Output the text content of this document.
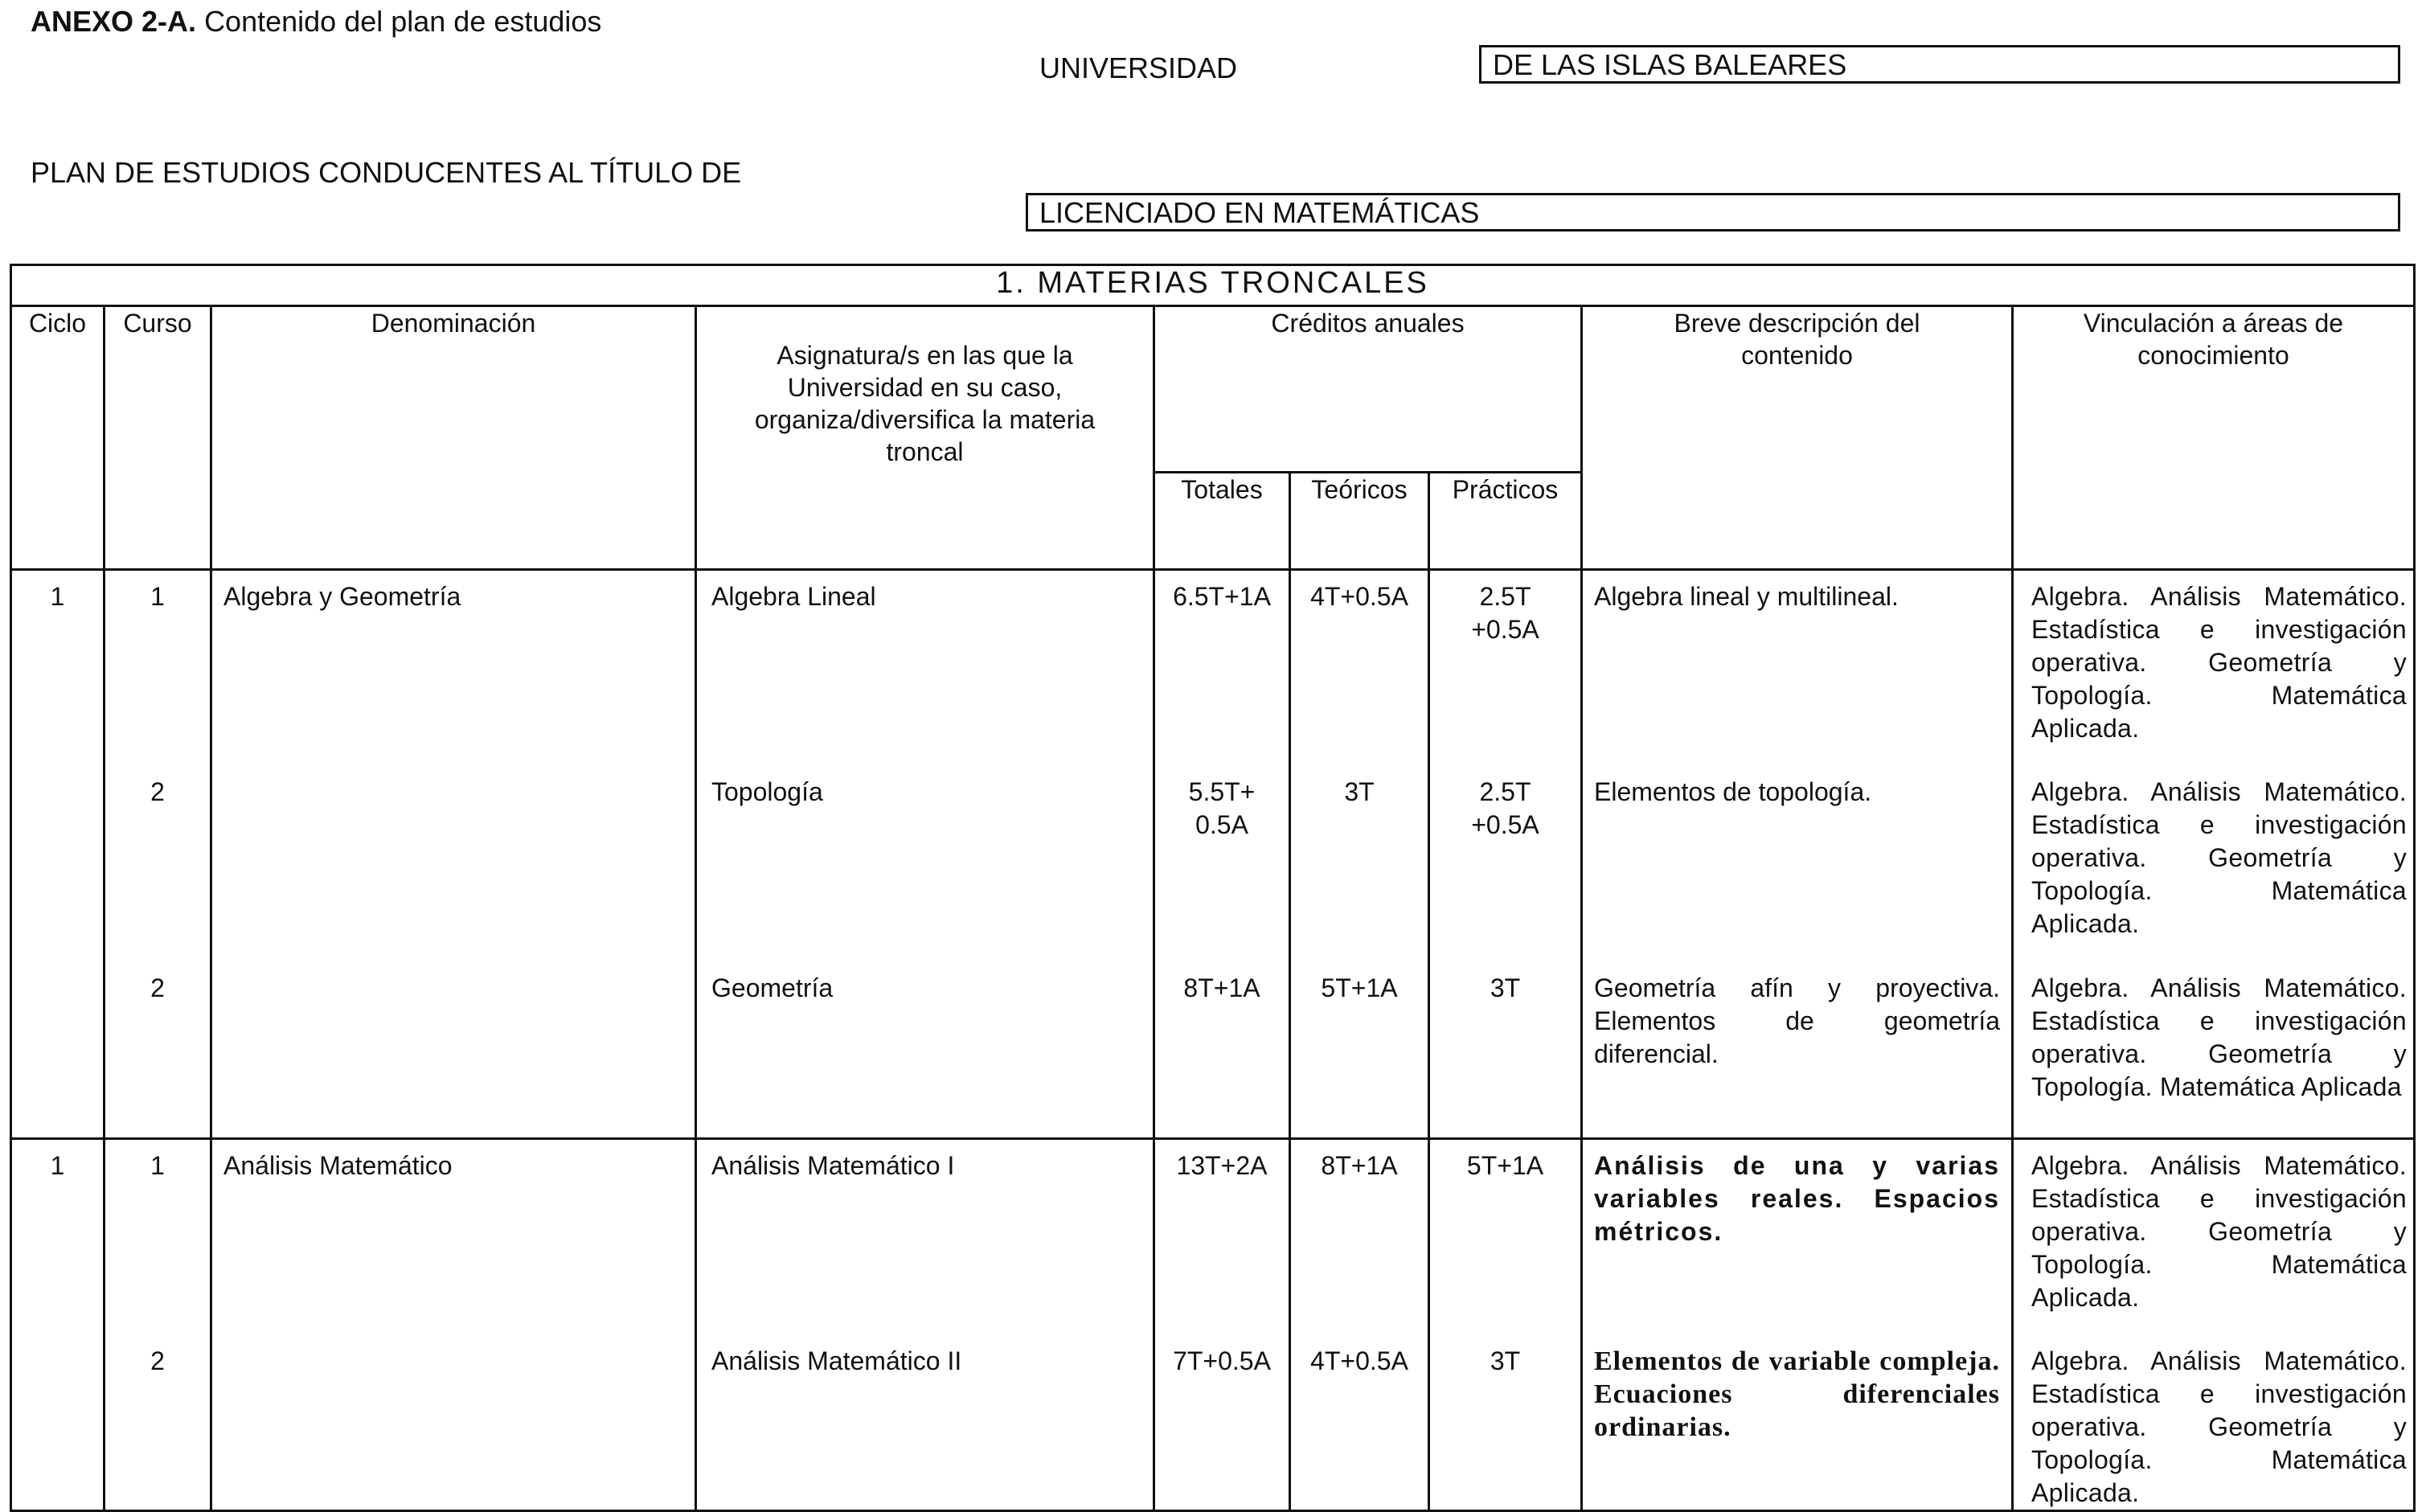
ANEXO 2-A. Contenido del plan de estudios
UNIVERSIDAD	DE LAS ISLAS BALEARES
PLAN DE ESTUDIOS CONDUCENTES AL TÍTULO DE
LICENCIADO EN MATEMÁTICAS
1. MATERIAS TRONCALES								
Ciclo	Curso	Denominación	Asignatura/s en las que la Universidad en su caso, organiza/diversifica la materia troncal	Créditos anuales			Breve descripción del contenido	Vinculación a áreas de conocimiento
				Totales	Teóricos	Prácticos		

1	1	Algebra y Geometría	Algebra Lineal	6.5T+1A	4T+0.5A	2.5T +0.5A	Algebra lineal y multilineal.	Algebra. Análisis Matemático. Estadística e investigación operativa. Geometría y Topología. Matemática Aplicada.

	2		Topología	5.5T+ 0.5A	3T	2.5T +0.5A	Elementos de topología.	Algebra. Análisis Matemático. Estadística e investigación operativa. Geometría y Topología. Matemática Aplicada.

	2		Geometría	8T+1A	5T+1A	3T	Geometría afín y proyectiva. Elementos de geometría diferencial.	Algebra. Análisis Matemático. Estadística e investigación operativa. Geometría y Topología. Matemática Aplicada

1	1	Análisis Matemático	Análisis Matemático I	13T+2A	8T+1A	5T+1A	Análisis de una y varias variables reales. Espacios métricos.	Algebra. Análisis Matemático. Estadística e investigación operativa. Geometría y Topología. Matemática Aplicada.

	2		Análisis Matemático II	7T+0.5A	4T+0.5A	3T	Elementos de variable compleja. Ecuaciones diferenciales ordinarias.	Algebra. Análisis Matemático. Estadística e investigación operativa. Geometría y Topología. Matemática Aplicada.
